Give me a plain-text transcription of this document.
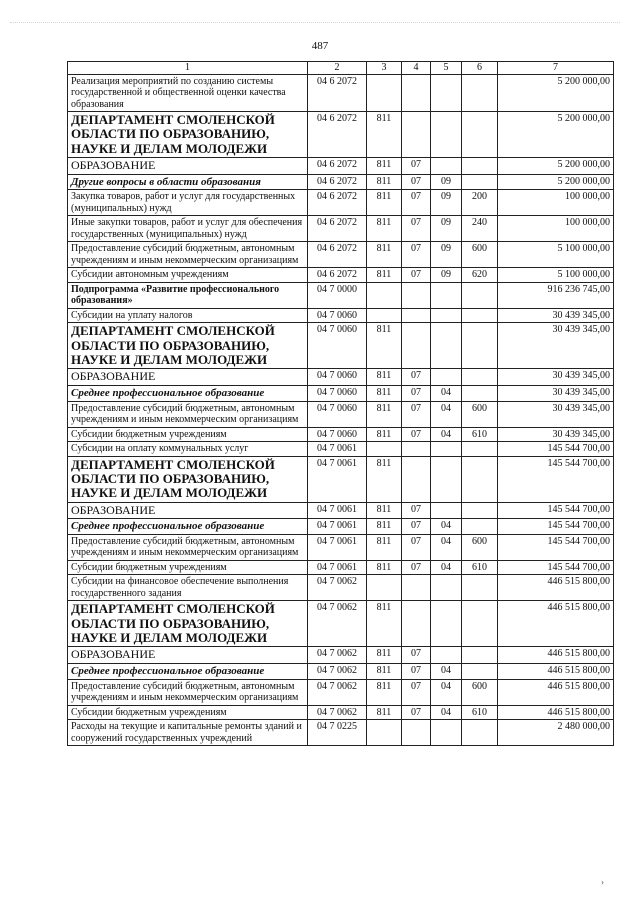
487
1	2	3	4	5	6	7
Реализация мероприятий по созданию системы государственной и общественной оценки качества образования	04 6 2072					5 200 000,00
ДЕПАРТАМЕНТ СМОЛЕНСКОЙ ОБЛАСТИ ПО ОБРАЗОВАНИЮ, НАУКЕ И ДЕЛАМ МОЛОДЕЖИ	04 6 2072	811				5 200 000,00
ОБРАЗОВАНИЕ	04 6 2072	811	07			5 200 000,00
Другие вопросы в области образования	04 6 2072	811	07	09		5 200 000,00
Закупка товаров, работ и услуг для государственных (муниципальных) нужд	04 6 2072	811	07	09	200	100 000,00
Иные закупки товаров, работ и услуг для обеспечения государственных (муниципальных) нужд	04 6 2072	811	07	09	240	100 000,00
Предоставление субсидий бюджетным, автономным учреждениям и иным некоммерческим организациям	04 6 2072	811	07	09	600	5 100 000,00
Субсидии автономным учреждениям	04 6 2072	811	07	09	620	5 100 000,00
Подпрограмма «Развитие профессионального образования»	04 7 0000					916 236 745,00
Субсидии на уплату налогов	04 7 0060					30 439 345,00
ДЕПАРТАМЕНТ СМОЛЕНСКОЙ ОБЛАСТИ ПО ОБРАЗОВАНИЮ, НАУКЕ И ДЕЛАМ МОЛОДЕЖИ	04 7 0060	811				30 439 345,00
ОБРАЗОВАНИЕ	04 7 0060	811	07			30 439 345,00
Среднее профессиональное образование	04 7 0060	811	07	04		30 439 345,00
Предоставление субсидий бюджетным, автономным учреждениям и иным некоммерческим организациям	04 7 0060	811	07	04	600	30 439 345,00
Субсидии бюджетным учреждениям	04 7 0060	811	07	04	610	30 439 345,00
Субсидии на оплату коммунальных услуг	04 7 0061					145 544 700,00
ДЕПАРТАМЕНТ СМОЛЕНСКОЙ ОБЛАСТИ ПО ОБРАЗОВАНИЮ, НАУКЕ И ДЕЛАМ МОЛОДЕЖИ	04 7 0061	811				145 544 700,00
ОБРАЗОВАНИЕ	04 7 0061	811	07			145 544 700,00
Среднее профессиональное образование	04 7 0061	811	07	04		145 544 700,00
Предоставление субсидий бюджетным, автономным учреждениям и иным некоммерческим организациям	04 7 0061	811	07	04	600	145 544 700,00
Субсидии бюджетным учреждениям	04 7 0061	811	07	04	610	145 544 700,00
Субсидии на финансовое обеспечение выполнения государственного задания	04 7 0062					446 515 800,00
ДЕПАРТАМЕНТ СМОЛЕНСКОЙ ОБЛАСТИ ПО ОБРАЗОВАНИЮ, НАУКЕ И ДЕЛАМ МОЛОДЕЖИ	04 7 0062	811				446 515 800,00
ОБРАЗОВАНИЕ	04 7 0062	811	07			446 515 800,00
Среднее профессиональное образование	04 7 0062	811	07	04		446 515 800,00
Предоставление субсидий бюджетным, автономным учреждениям и иным некоммерческим организациям	04 7 0062	811	07	04	600	446 515 800,00
Субсидии бюджетным учреждениям	04 7 0062	811	07	04	610	446 515 800,00
Расходы на текущие и капитальные ремонты зданий и сооружений государственных учреждений	04 7 0225					2 480 000,00
›
